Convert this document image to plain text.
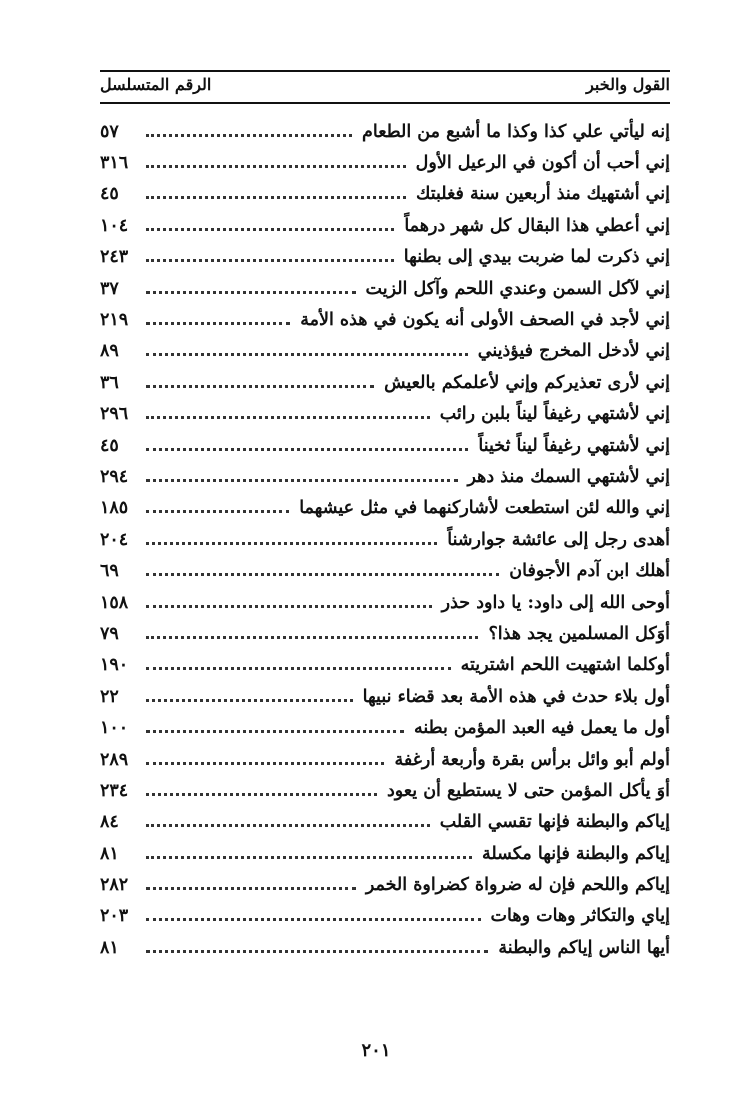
القول والخبر
الرقم المتسلسل
إنه ليأتي علي كذا وكذا ما أشبع من الطعام
٥٧
إني أحب أن أكون في الرعيل الأول
٣١٦
إني أشتهيك منذ أربعين سنة فغلبتك
٤٥
إني أعطي هذا البقال كل شهر درهماً
١٠٤
إني ذكرت لما ضربت بيدي إلى بطنها
٢٤٣
إني لآكل السمن وعندي اللحم وآكل الزيت
٣٧
إني لأجد في الصحف الأولى أنه يكون في هذه الأمة
٢١٩
إني لأدخل المخرج فيؤذيني
٨٩
إني لأرى تعذيركم وإني لأعلمكم بالعيش
٣٦
إني لأشتهي رغيفاً ليناً بلبن رائب
٢٩٦
إني لأشتهي رغيفاً ليناً ثخيناً
٤٥
إني لأشتهي السمك منذ دهر
٢٩٤
إني والله لئن استطعت لأشاركنهما في مثل عيشهما
١٨٥
أهدى رجل إلى عائشة جوارشناً
٢٠٤
أهلك ابن آدم الأجوفان
٦٩
أوحى الله إلى داود: يا داود حذر
١٥٨
أوَكل المسلمين يجد هذا؟
٧٩
أوكلما اشتهيت اللحم اشتريته
١٩٠
أول بلاء حدث في هذه الأمة بعد قضاء نبيها
٢٢
أول ما يعمل فيه العبد المؤمن بطنه
١٠٠
أولم أبو وائل برأس بقرة وأربعة أرغفة
٢٨٩
أوَ يأكل المؤمن حتى لا يستطيع أن يعود
٢٣٤
إياكم والبطنة فإنها تقسي القلب
٨٤
إياكم والبطنة فإنها مكسلة
٨١
إياكم واللحم فإن له ضرواة كضراوة الخمر
٢٨٢
إياي والتكاثر وهات وهات
٢٠٣
أيها الناس إياكم والبطنة
٨١
٢٠١
